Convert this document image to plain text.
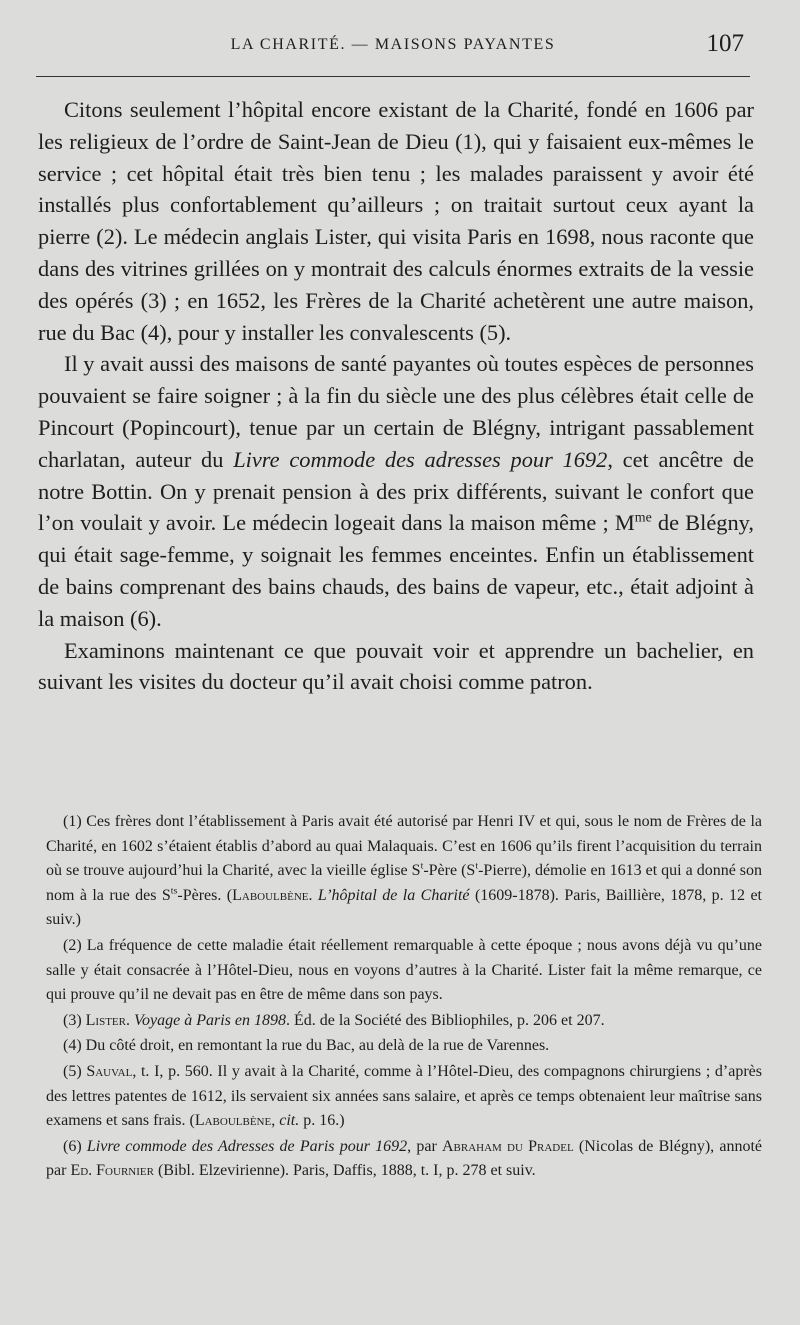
LA CHARITÉ. — MAISONS PAYANTES	107

Citons seulement l’hôpital encore existant de la Charité, fondé en 1606 par les religieux de l’ordre de Saint-Jean de Dieu (1), qui y faisaient eux-mêmes le service ; cet hôpital était très bien tenu ; les malades paraissent y avoir été installés plus confortablement qu’ailleurs ; on traitait surtout ceux ayant la pierre (2). Le médecin anglais Lister, qui visita Paris en 1698, nous raconte que dans des vitrines grillées on y montrait des calculs énormes extraits de la vessie des opérés (3) ; en 1652, les Frères de la Charité achetèrent une autre maison, rue du Bac (4), pour y installer les convalescents (5).

Il y avait aussi des maisons de santé payantes où toutes espèces de personnes pouvaient se faire soigner ; à la fin du siècle une des plus célèbres était celle de Pincourt (Popincourt), tenue par un certain de Blégny, intrigant passablement charlatan, auteur du Livre commode des adresses pour 1692, cet ancêtre de notre Bottin. On y prenait pension à des prix différents, suivant le confort que l’on voulait y avoir. Le médecin logeait dans la maison même ; $M^{me}$ de Blégny, qui était sage-femme, y soignait les femmes enceintes. Enfin un établissement de bains comprenant des bains chauds, des bains de vapeur, etc., était adjoint à la maison (6).

Examinons maintenant ce que pouvait voir et apprendre un bachelier, en suivant les visites du docteur qu’il avait choisi comme patron.

(1) Ces frères dont l’établissement à Paris avait été autorisé par Henri IV et qui, sous le nom de Frères de la Charité, en 1602 s’étaient établis d’abord au quai Malaquais. C’est en 1606 qu’ils firent l’acquisition du terrain où se trouve aujourd’hui la Charité, avec la vieille église $S^t$-Père $(S^t-Pierre)$, démolie en 1613 et qui a donné son nom à la rue des $S^{ts}$-Pères. (Laboulbène. L’hôpital de la Charité (1609-1878). Paris, Baillière, 1878, p. 12 et suiv.)

(2) La fréquence de cette maladie était réellement remarquable à cette époque ; nous avons déjà vu qu’une salle y était consacrée à l’Hôtel-Dieu, nous en voyons d’autres à la Charité. Lister fait la même remarque, ce qui prouve qu’il ne devait pas en être de même dans son pays.

(3) Lister. Voyage à Paris en 1898. Éd. de la Société des Bibliophiles, p. 206 et 207.

(4) Du côté droit, en remontant la rue du Bac, au delà de la rue de Varennes.

(5) Sauval, t. I, p. 560. Il y avait à la Charité, comme à l’Hôtel-Dieu, des compagnons chirurgiens ; d’après des lettres patentes de 1612, ils servaient six années sans salaire, et après ce temps obtenaient leur maîtrise sans examens et sans frais. (Laboulbène, cit. p. 16.)

(6) Livre commode des Adresses de Paris pour 1692, par Abraham du Pradel (Nicolas de Blégny), annoté par Ed. Fournier (Bibl. Elzevirienne). Paris, Daffis, 1888, t. I, p. 278 et suiv.
